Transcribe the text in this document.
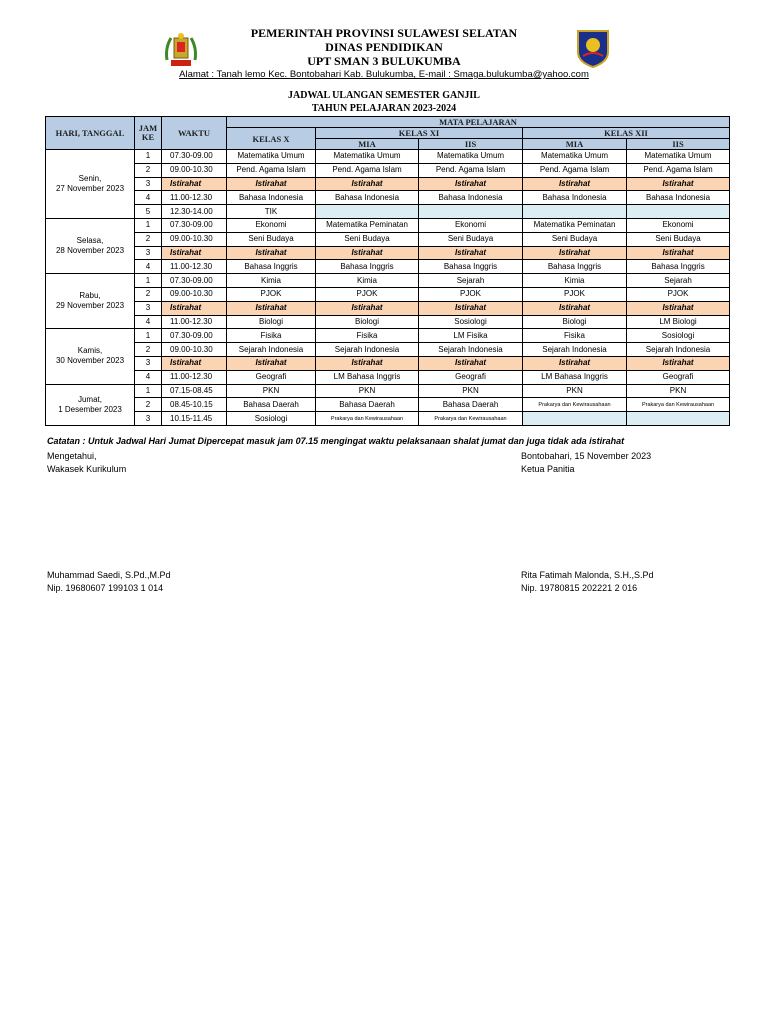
PEMERINTAH PROVINSI SULAWESI SELATAN
DINAS PENDIDIKAN
UPT SMAN 3 BULUKUMBA
Alamat : Tanah lemo Kec. Bontobahari Kab. Bulukumba, E-mail : Smaga.bulukumba@yahoo.com
JADWAL ULANGAN SEMESTER GANJIL
TAHUN PELAJARAN 2023-2024
HARI, TANGGAL	JAM KE	WAKTU	MATA PELAJARAN				
			KELAS X	KELAS XI		KELAS XII	
				MIA	IIS	MIA	IIS

Senin,
27 November 2023	1	07.30-09.00	Matematika Umum	Matematika Umum	Matematika Umum	Matematika Umum	Matematika Umum
	2	09.00-10.30	Pend. Agama Islam	Pend. Agama Islam	Pend. Agama Islam	Pend. Agama Islam	Pend. Agama Islam
	3	Istirahat	Istirahat	Istirahat	Istirahat	Istirahat	Istirahat
	4	11.00-12.30	Bahasa Indonesia	Bahasa Indonesia	Bahasa Indonesia	Bahasa Indonesia	Bahasa Indonesia
	5	12.30-14.00	TIK				

Selasa,
28 November 2023	1	07.30-09.00	Ekonomi	Matematika Peminatan	Ekonomi	Matematika Peminatan	Ekonomi
	2	09.00-10.30	Seni Budaya	Seni Budaya	Seni Budaya	Seni Budaya	Seni Budaya
	3	Istirahat	Istirahat	Istirahat	Istirahat	Istirahat	Istirahat
	4	11.00-12.30	Bahasa Inggris	Bahasa Inggris	Bahasa Inggris	Bahasa Inggris	Bahasa Inggris

Rabu,
29 November 2023	1	07.30-09.00	Kimia	Kimia	Sejarah	Kimia	Sejarah
	2	09.00-10.30	PJOK	PJOK	PJOK	PJOK	PJOK
	3	Istirahat	Istirahat	Istirahat	Istirahat	Istirahat	Istirahat
	4	11.00-12.30	Biologi	Biologi	Sosiologi	Biologi	LM Biologi

Kamis,
30 November 2023	1	07.30-09.00	Fisika	Fisika	LM Fisika	Fisika	Sosiologi
	2	09.00-10.30	Sejarah Indonesia	Sejarah Indonesia	Sejarah Indonesia	Sejarah Indonesia	Sejarah Indonesia
	3	Istirahat	Istirahat	Istirahat	Istirahat	Istirahat	Istirahat
	4	11.00-12.30	Geografi	LM Bahasa Inggris	Geografi	LM Bahasa Inggris	Geografi

Jumat,
1 Desember 2023	1	07.15-08.45	PKN	PKN	PKN	PKN	PKN
	2	08.45-10.15	Bahasa Daerah	Bahasa Daerah	Bahasa Daerah	Prakarya dan Kewirausahaan	Prakarya dan Kewirausahaan
	3	10.15-11.45	Sosiologi	Prakarya dan Kewirausahaan	Prakarya dan Kewirausahaan		
Catatan : Untuk Jadwal Hari Jumat Dipercepat masuk jam 07.15 mengingat waktu pelaksanaan shalat jumat dan juga tidak ada istirahat
Mengetahui,
Wakasek Kurikulum
Bontobahari, 15 November 2023
Ketua Panitia
Muhammad Saedi, S.Pd.,M.Pd
Nip. 19680607 199103 1 014
Rita Fatimah Malonda, S.H.,S.Pd
Nip. 19780815 202221 2 016
